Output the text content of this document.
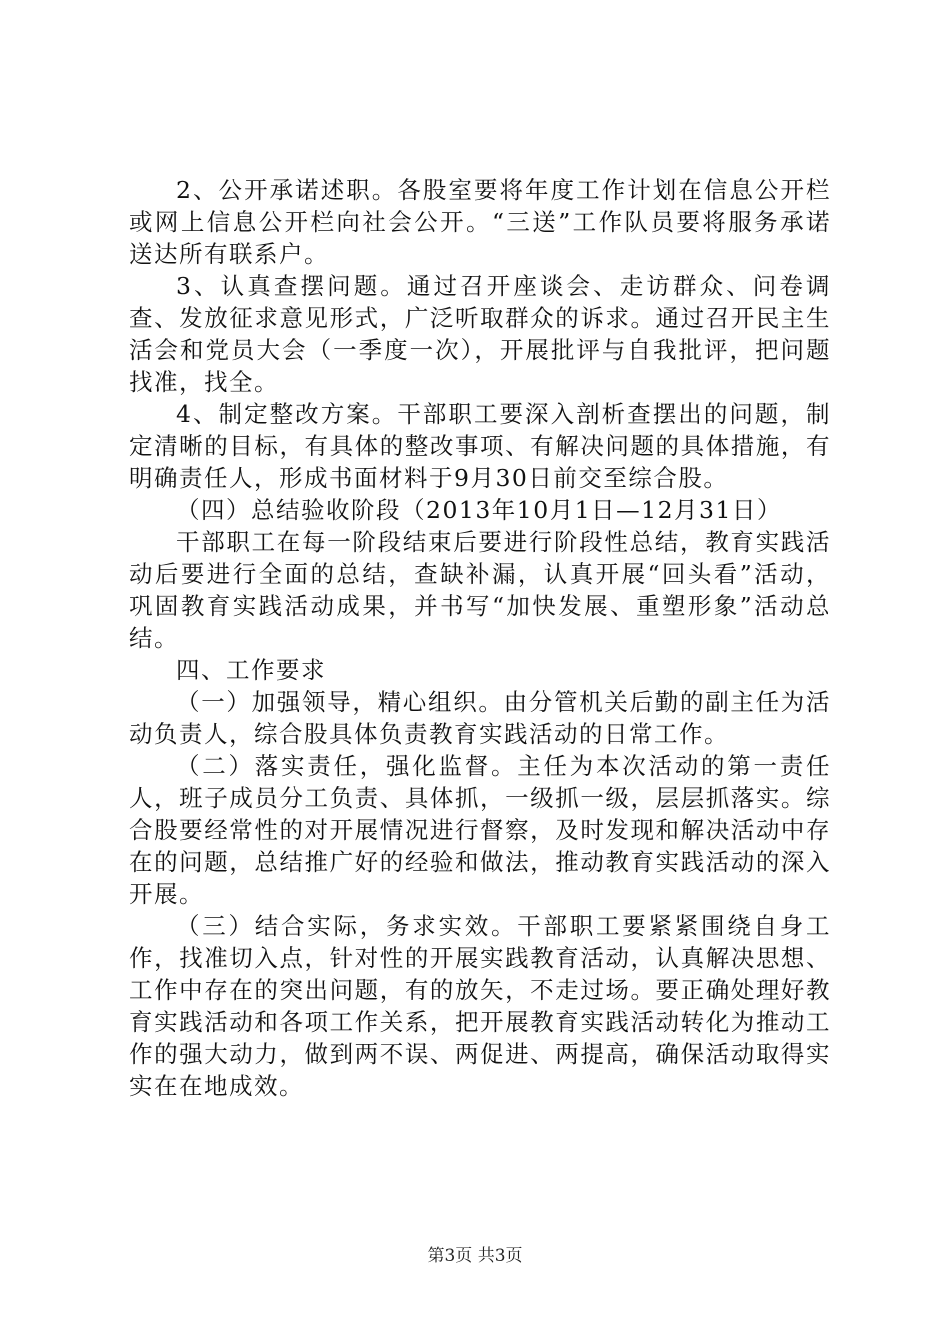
2、公开承诺述职。各股室要将年度工作计划在信息公开栏或网上信息公开栏向社会公开。“三送”工作队员要将服务承诺送达所有联系户。

3、认真查摆问题。通过召开座谈会、走访群众、问卷调查、发放征求意见形式，广泛听取群众的诉求。通过召开民主生活会和党员大会（一季度一次），开展批评与自我批评，把问题找准，找全。

4、制定整改方案。干部职工要深入剖析查摆出的问题，制定清晰的目标，有具体的整改事项、有解决问题的具体措施，有明确责任人，形成书面材料于9月30日前交至综合股。

（四）总结验收阶段（2013年10月1日—12月31日）

干部职工在每一阶段结束后要进行阶段性总结，教育实践活动后要进行全面的总结，查缺补漏，认真开展“回头看”活动，巩固教育实践活动成果，并书写“加快发展、重塑形象”活动总结。

四、工作要求

（一）加强领导，精心组织。由分管机关后勤的副主任为活动负责人，综合股具体负责教育实践活动的日常工作。

（二）落实责任，强化监督。主任为本次活动的第一责任人，班子成员分工负责、具体抓，一级抓一级，层层抓落实。综合股要经常性的对开展情况进行督察，及时发现和解决活动中存在的问题，总结推广好的经验和做法，推动教育实践活动的深入开展。

（三）结合实际，务求实效。干部职工要紧紧围绕自身工作，找准切入点，针对性的开展实践教育活动，认真解决思想、工作中存在的突出问题，有的放矢，不走过场。要正确处理好教育实践活动和各项工作关系，把开展教育实践活动转化为推动工作的强大动力，做到两不误、两促进、两提高，确保活动取得实实在在地成效。

第3页 共3页
